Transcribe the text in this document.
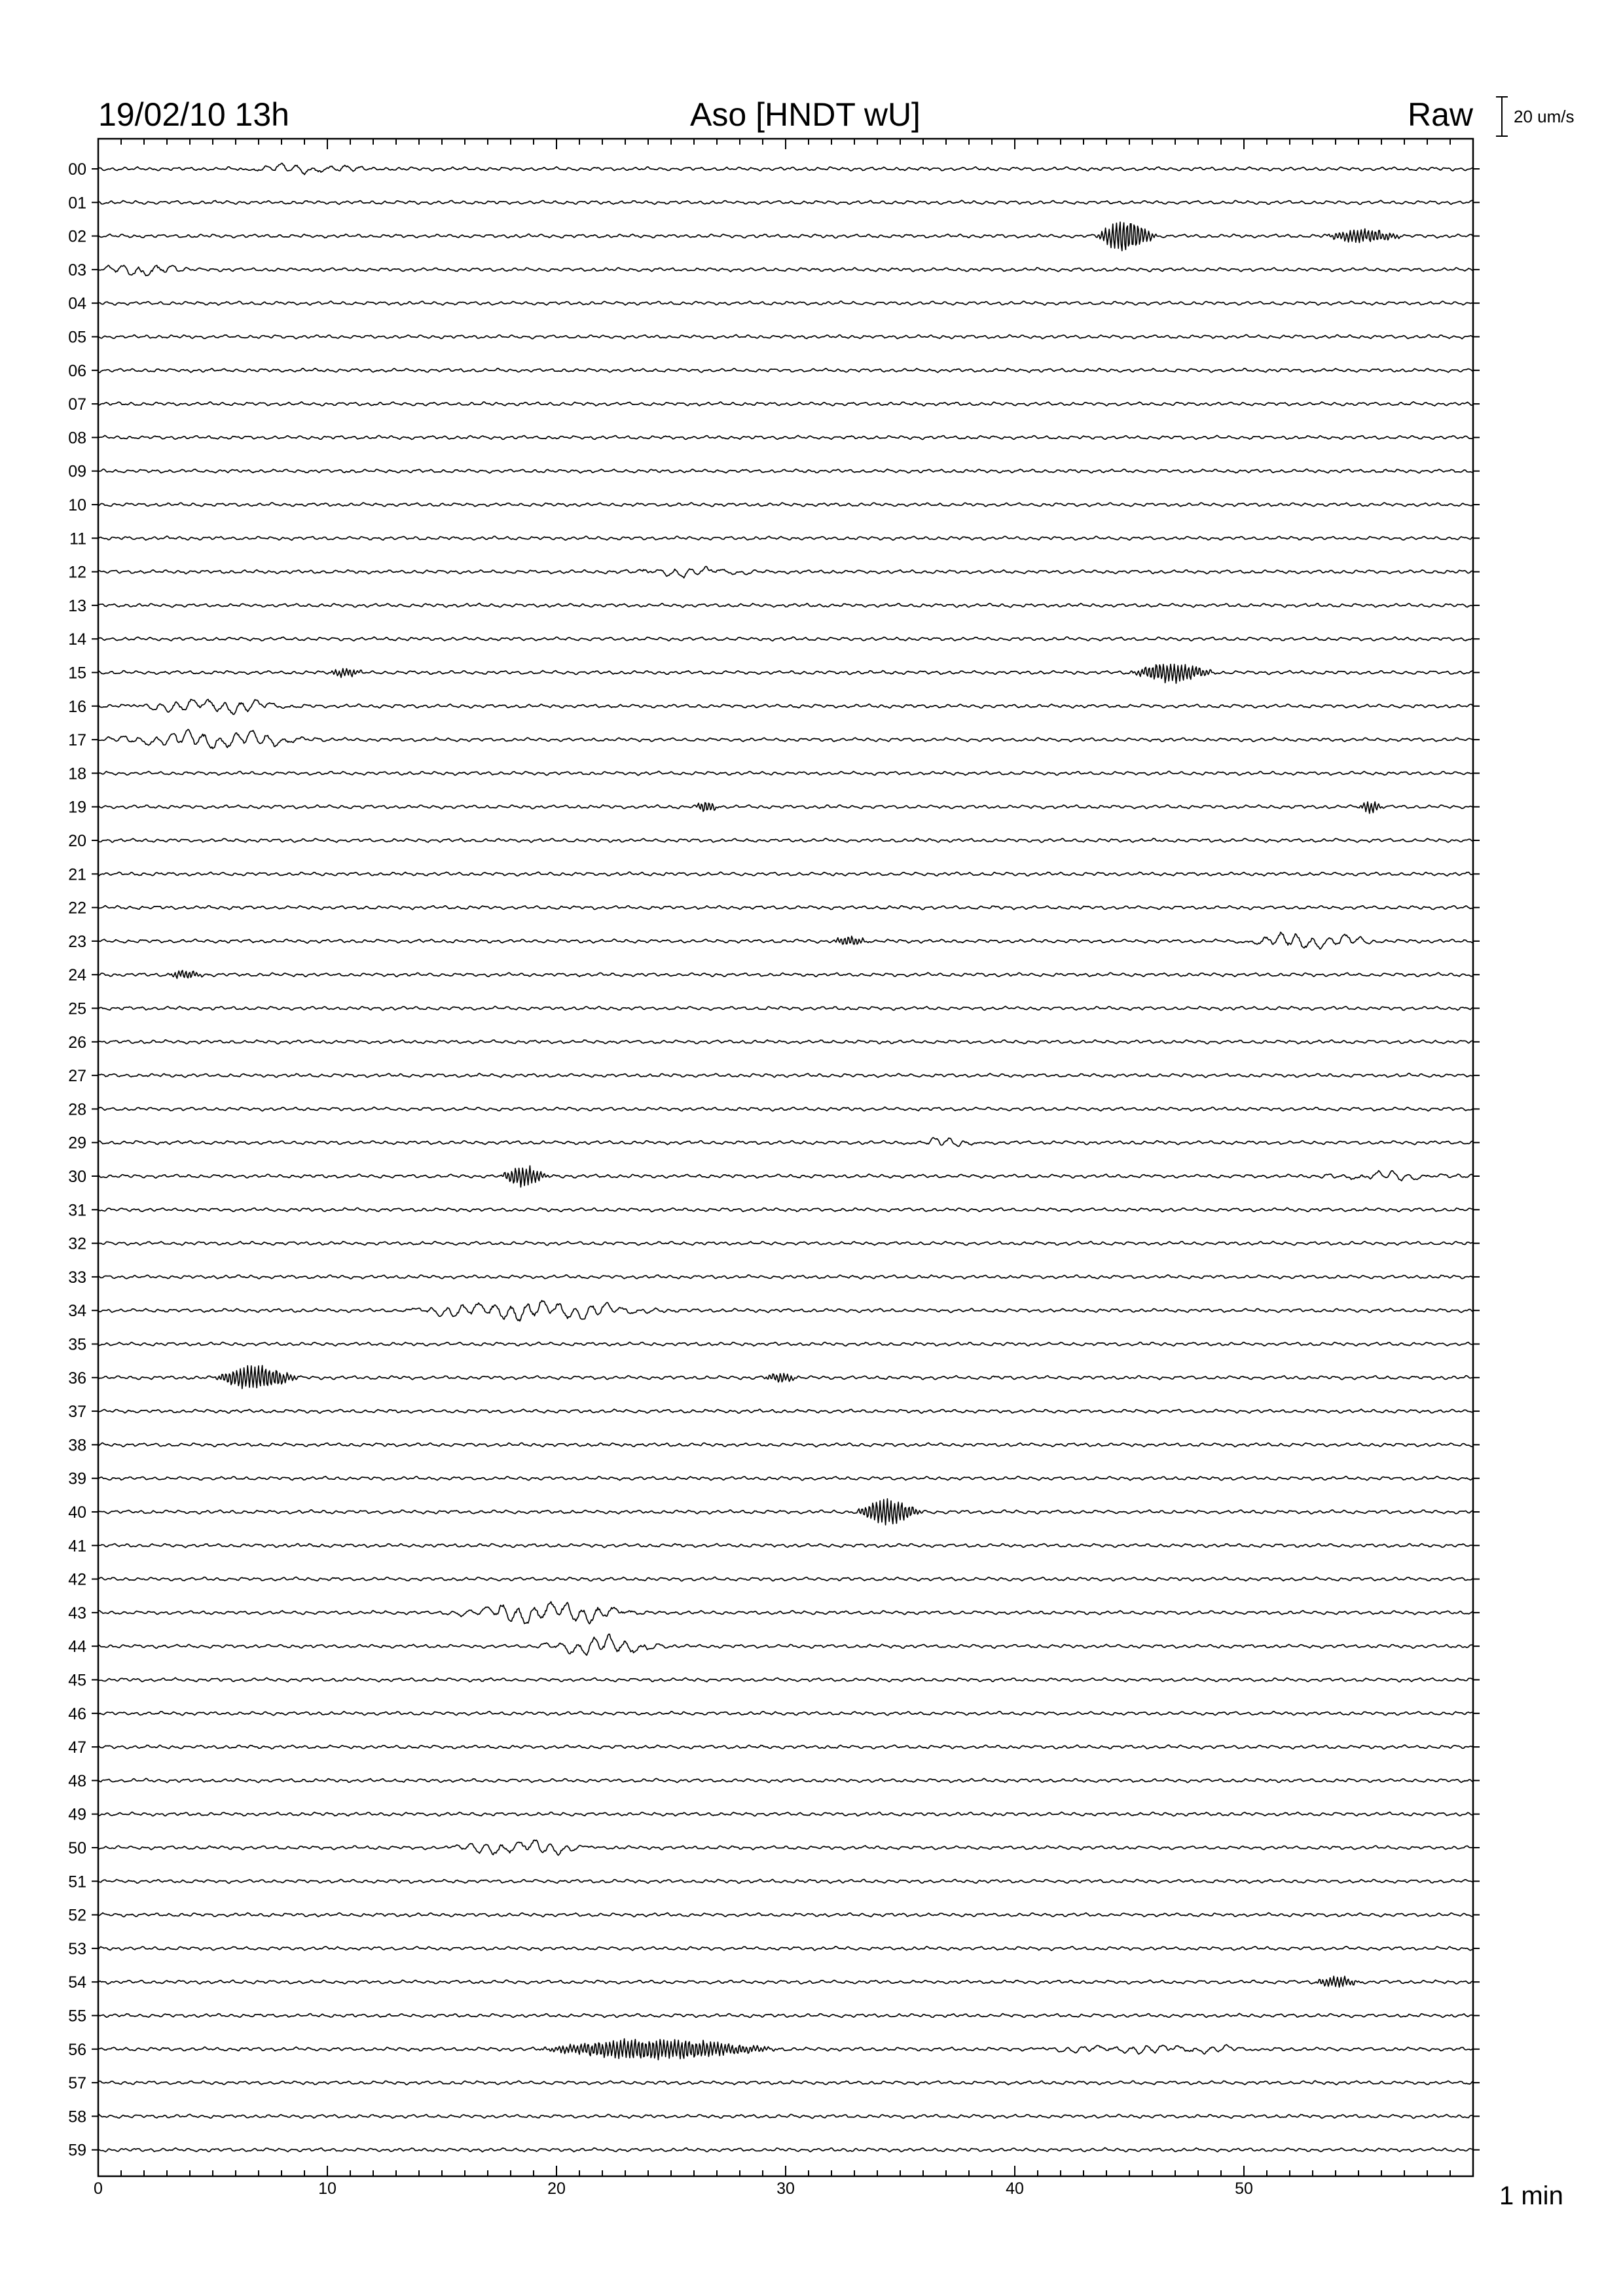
19/02/10 13h	Aso [HNDT wU]	Raw 20 um/s
00
01
02
03
04
05
06
07
08
09
10
11
12
13
14
15
16
17
18
19
20
21
22
23
24
25
26
27
28
29
30
31
32
33
34
35
36
37
38
39
40
41
42
43
44
45
46
47
48
49
50
51
52
53
54
55
56
57
58
59
0	10	20	30	40	50	1 min
